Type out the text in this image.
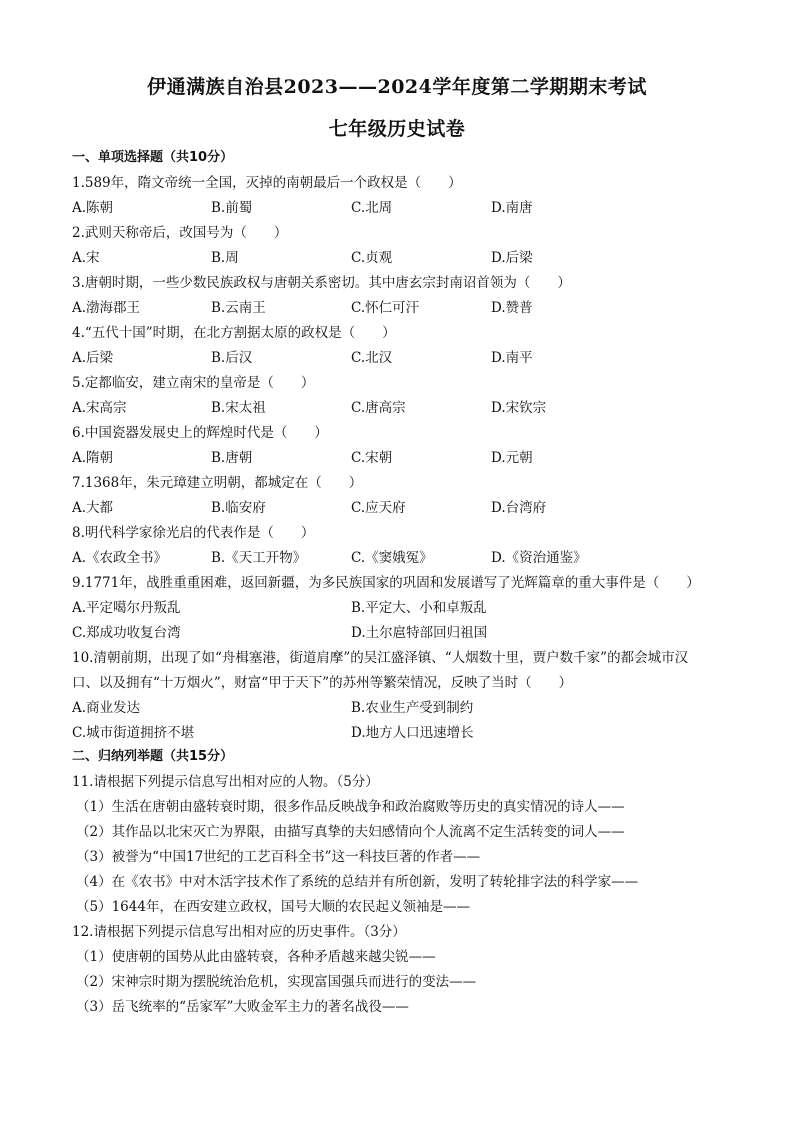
伊通满族自治县2023——2024学年度第二学期期末考试
七年级历史试卷
一、单项选择题（共10分）
1.589年，隋文帝统一全国，灭掉的南朝最后一个政权是（　　）
A.陈朝	B.前蜀	C.北周	D.南唐
2.武则天称帝后，改国号为（　　）
A.宋	B.周	C.贞观	D.后梁
3.唐朝时期，一些少数民族政权与唐朝关系密切。其中唐玄宗封南诏首领为（　　）
A.渤海郡王	B.云南王	C.怀仁可汗	D.赞普
4.“五代十国”时期，在北方割据太原的政权是（　　）
A.后梁	B.后汉	C.北汉	D.南平
5.定都临安，建立南宋的皇帝是（　　）
A.宋高宗	B.宋太祖	C.唐高宗	D.宋钦宗
6.中国瓷器发展史上的辉煌时代是（　　）
A.隋朝	B.唐朝	C.宋朝	D.元朝
7.1368年，朱元璋建立明朝，都城定在（　　）
A.大都	B.临安府	C.应天府	D.台湾府
8.明代科学家徐光启的代表作是（　　）
A.《农政全书》	B.《天工开物》	C.《窦娥冤》	D.《资治通鉴》
9.1771年，战胜重重困难，返回新疆，为多民族国家的巩固和发展谱写了光辉篇章的重大事件是（　　）
A.平定噶尔丹叛乱	B.平定大、小和卓叛乱
C.郑成功收复台湾	D.土尔扈特部回归祖国
10.清朝前期，出现了如“舟楫塞港，街道肩摩”的吴江盛泽镇、“人烟数十里，贾户数千家”的都会城市汉
口、以及拥有“十万烟火”，财富“甲于天下”的苏州等繁荣情况，反映了当时（　　）
A.商业发达	B.农业生产受到制约
C.城市街道拥挤不堪	D.地方人口迅速增长
二、归纳列举题（共15分）
11.请根据下列提示信息写出相对应的人物。（5分）
（1）生活在唐朝由盛转衰时期，很多作品反映战争和政治腐败等历史的真实情况的诗人——
（2）其作品以北宋灭亡为界限，由描写真挚的夫妇感情向个人流离不定生活转变的词人——
（3）被誉为“中国17世纪的工艺百科全书”这一科技巨著的作者——
（4）在《农书》中对木活字技术作了系统的总结并有所创新，发明了转轮排字法的科学家——
（5）1644年，在西安建立政权，国号大顺的农民起义领袖是——
12.请根据下列提示信息写出相对应的历史事件。（3分）
（1）使唐朝的国势从此由盛转衰，各种矛盾越来越尖锐——
（2）宋神宗时期为摆脱统治危机，实现富国强兵而进行的变法——
（3）岳飞统率的“岳家军”大败金军主力的著名战役——
